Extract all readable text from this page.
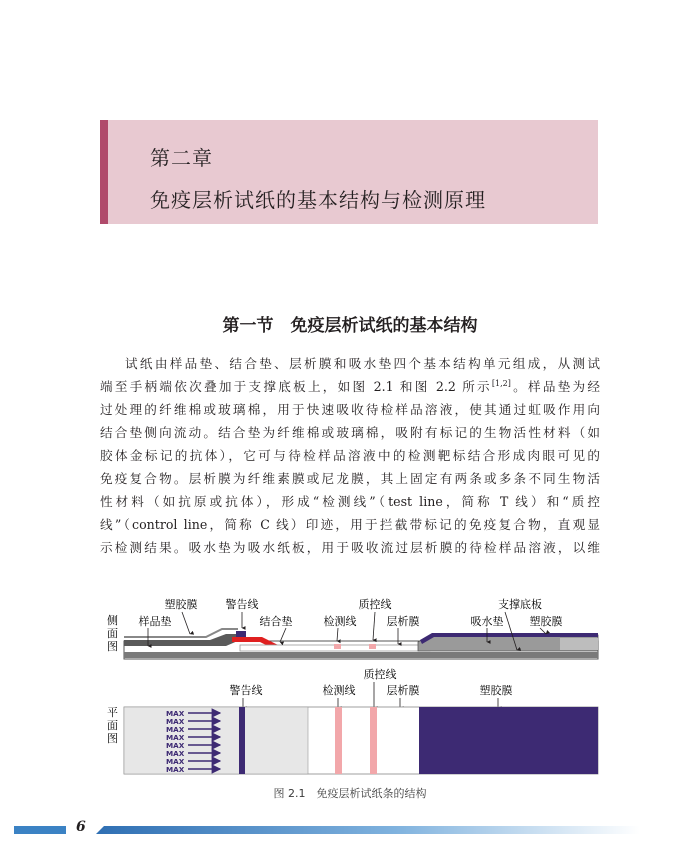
第二章
免疫层析试纸的基本结构与检测原理
第一节　免疫层析试纸的基本结构
试纸由样品垫、结合垫、层析膜和吸水垫四个基本结构单元组成，从测试
端至手柄端依次叠加于支撑底板上，如图 2.1 和图 2.2 所示[1,2]。样品垫为经
过处理的纤维棉或玻璃棉，用于快速吸收待检样品溶液，使其通过虹吸作用向
结合垫侧向流动。结合垫为纤维棉或玻璃棉，吸附有标记的生物活性材料（如
胶体金标记的抗体），它可与待检样品溶液中的检测靶标结合形成肉眼可见的
免疫复合物。层析膜为纤维素膜或尼龙膜，其上固定有两条或多条不同生物活
性材料（如抗原或抗体），形成“检测线”（test line，简称 T 线）和“质控
线”（control line，简称 C 线）印迹，用于拦截带标记的免疫复合物，直观显
示检测结果。吸水垫为吸水纸板，用于吸收流过层析膜的待检样品溶液，以维
侧面图
平面图
塑胶膜	警告线	质控线	支撑底板
样品垫	结合垫	检测线	层析膜	吸水垫 塑胶膜
质控线
警告线	检测线	层析膜	塑胶膜
MAX
MAX
MAX
MAX
MAX
MAX
MAX
MAX
图 2.1　免疫层析试纸条的结构
6
